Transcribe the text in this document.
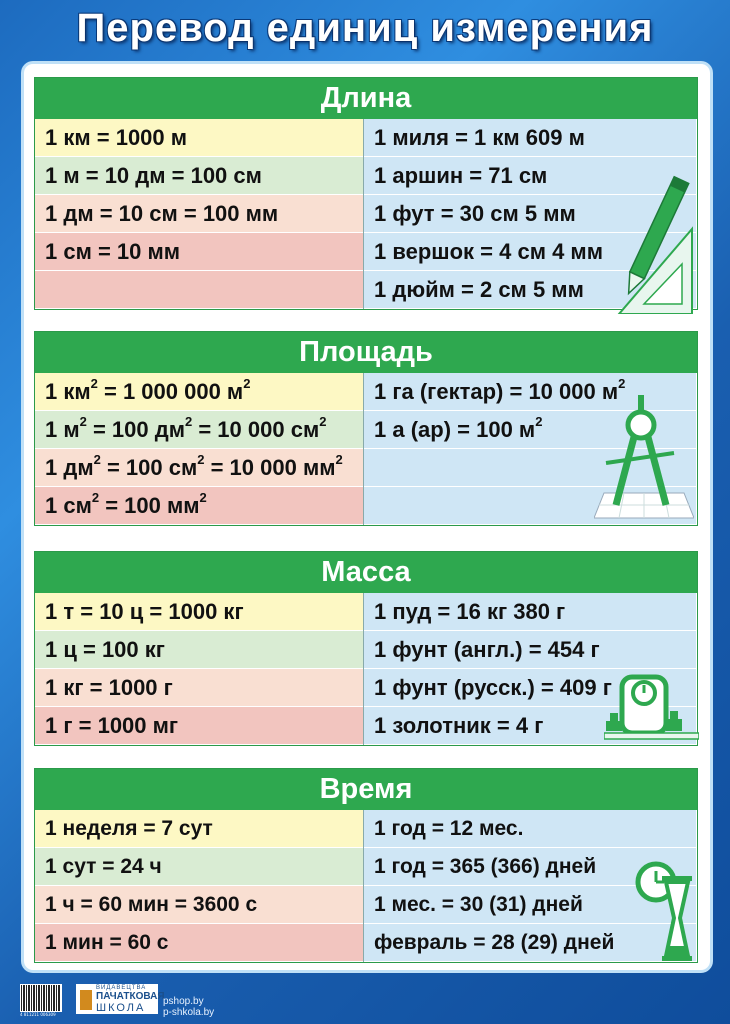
Перевод единиц измерения
Длина
1 км = 1000 м
1 м = 10 дм = 100 см
1 дм = 10 см = 100 мм
1 см = 10 мм
1 миля = 1 км 609 м
1 аршин = 71 см
1 фут = 30 см 5 мм
1 вершок = 4 см 4 мм
1 дюйм = 2 см 5 мм
Площадь
1 $км^2 = 1$ 000 000 $м^2$
1 $м^2 = 100$ $дм^2 = 10$ 000 $см^2$
1 $дм^2 = 100$ $см^2 = 10$ 000 $мм^2$
1 $см^2 = 100$ $мм^2$
1 га (гектар) = 10 000 $м^2$
1 а (ар) = 100 $м^2$
Масса
1 т = 10 ц = 1000 кг
1 ц = 100 кг
1 кг = 1000 г
1 г = 1000 мг
1 пуд = 16 кг 380 г
1 фунт (англ.) = 454 г
1 фунт (русск.) = 409 г
1 золотник = 4 г
Время
1 неделя = 7 сут
1 сут = 24 ч
1 ч = 60 мин = 3600 с
1 мин = 60 с
1 год = 12 мес.
1 год = 365 (366) дней
1 мес. = 30 (31) дней
февраль = 28 (29) дней
4 811211 006309
ВИДАВЕЦТВА
ПАЧАТКОВАЯ
ШКОЛА
pshop.by
p-shkola.by
